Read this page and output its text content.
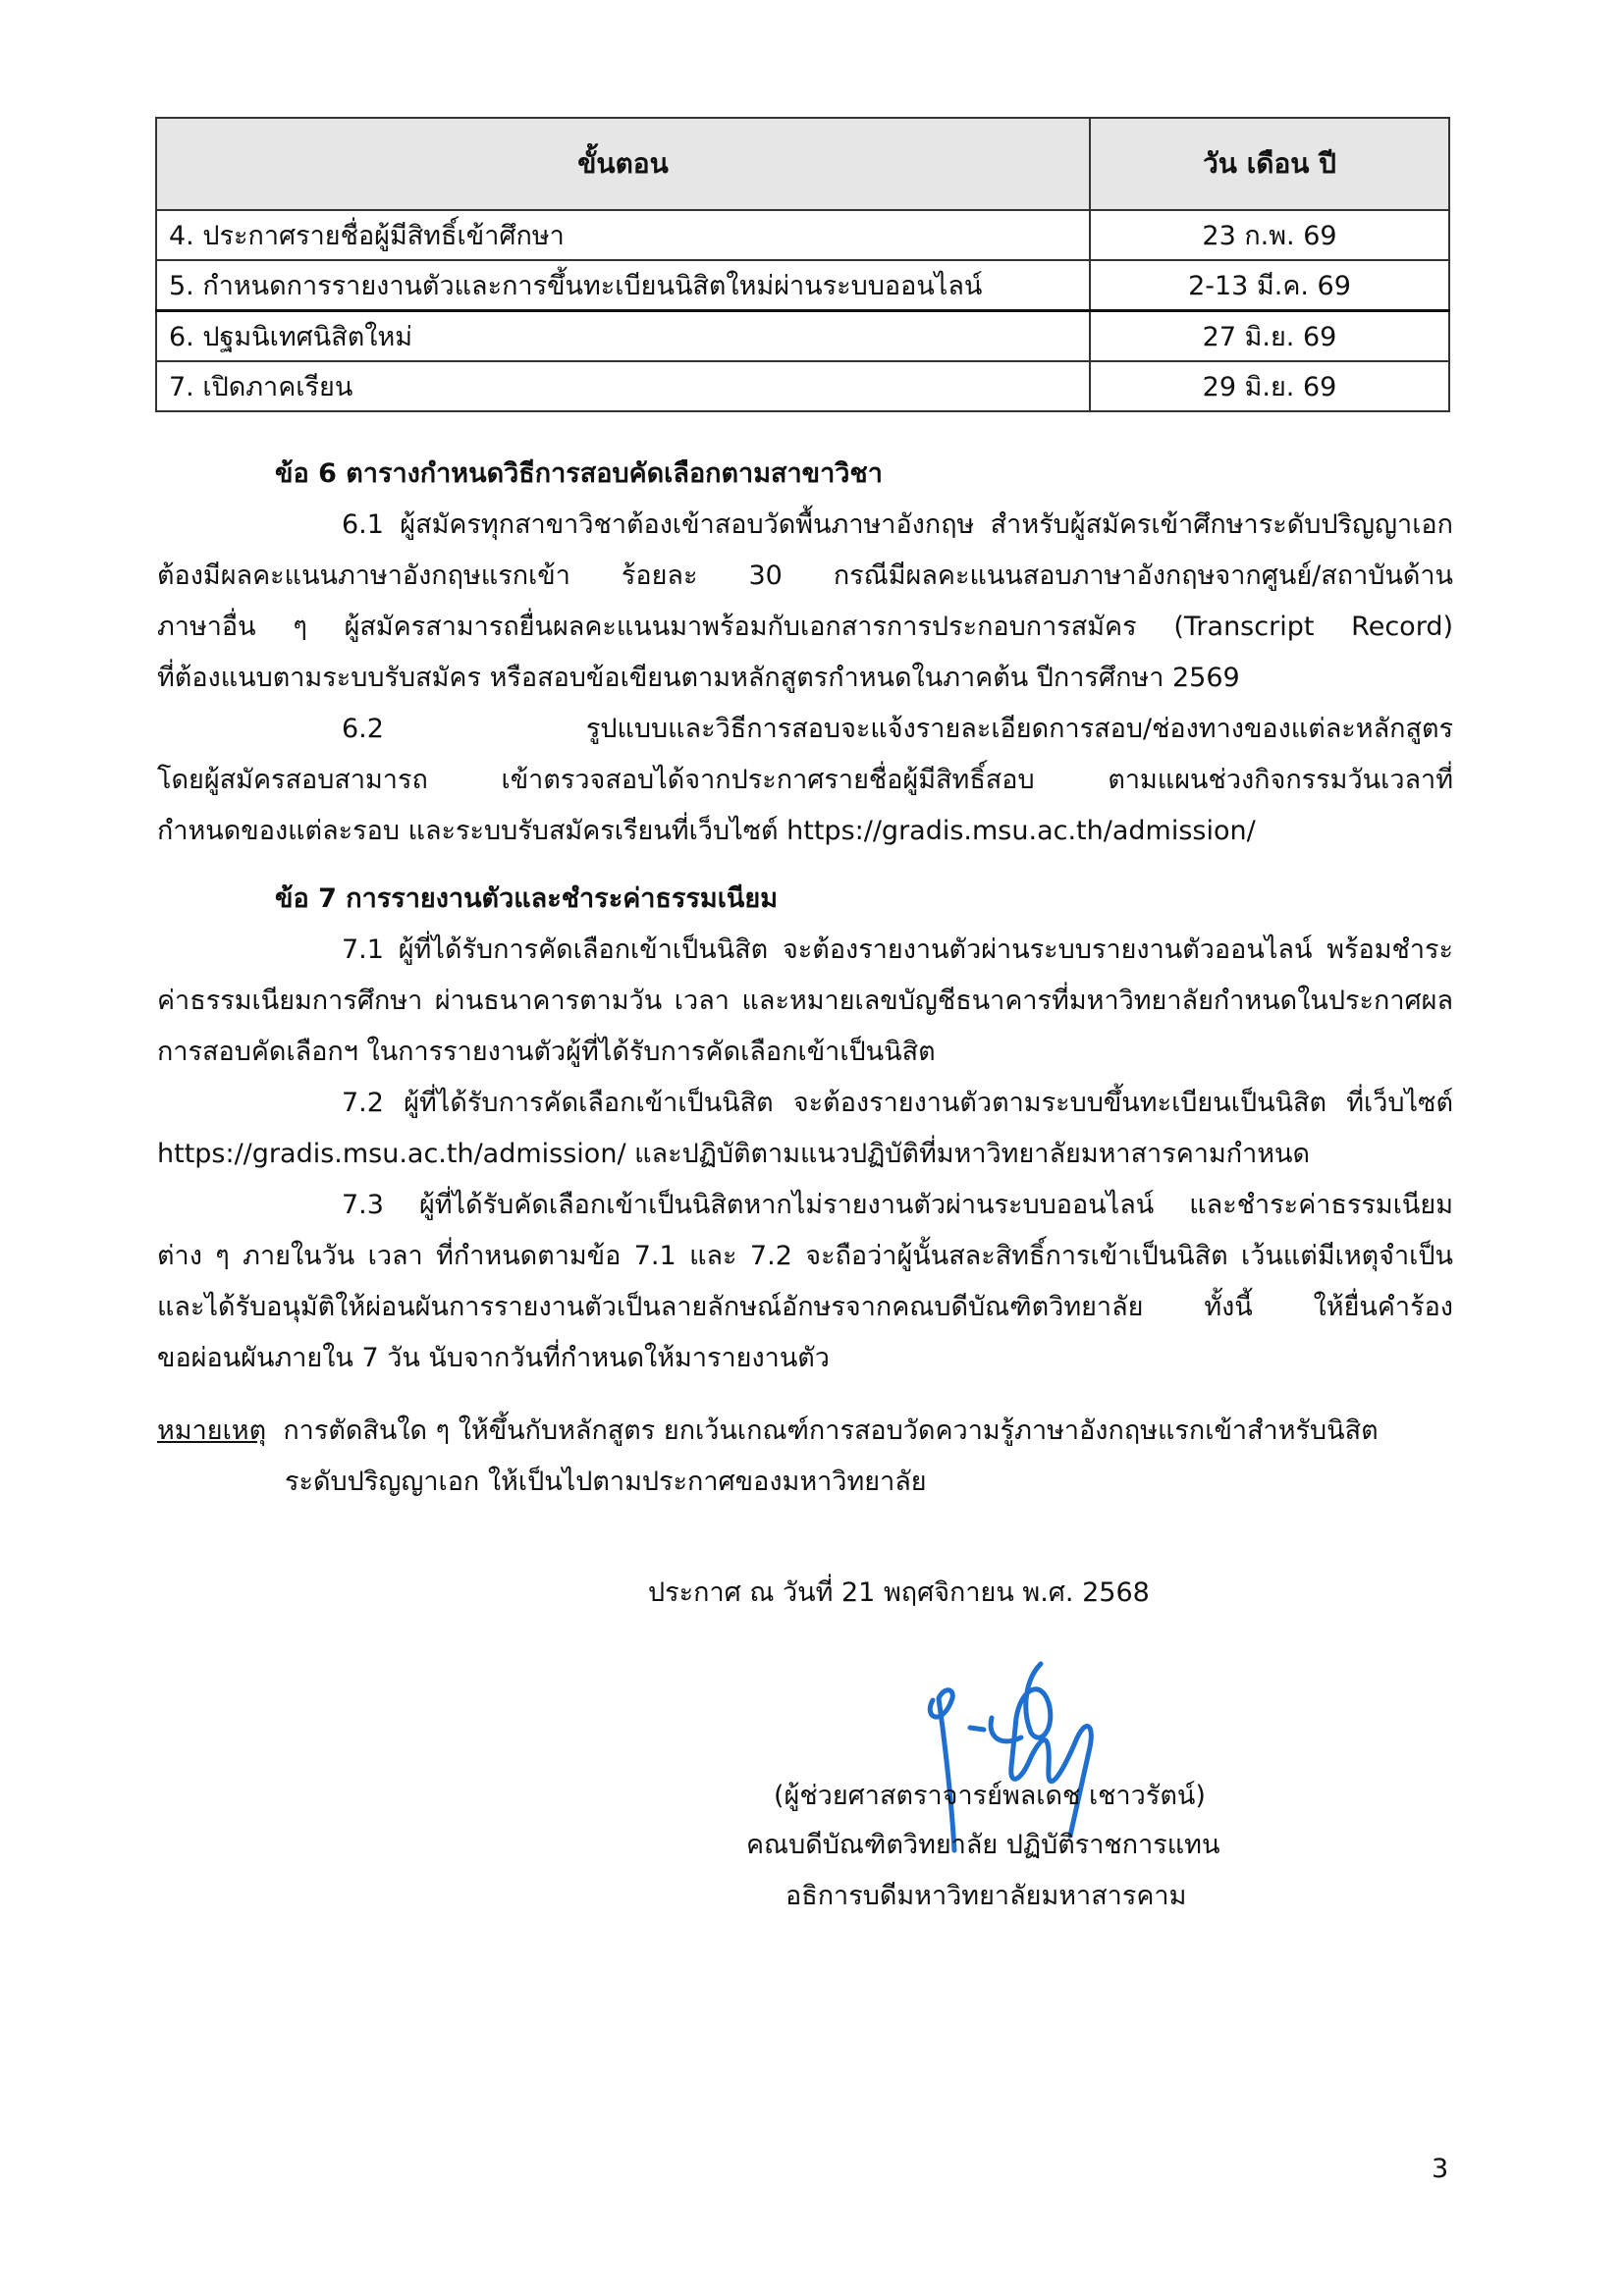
ขั้นตอน	วัน เดือน ปี
4. ประกาศรายชื่อผู้มีสิทธิ์เข้าศึกษา	23 ก.พ. 69
5. กำหนดการรายงานตัวและการขึ้นทะเบียนนิสิตใหม่ผ่านระบบออนไลน์	2-13 มี.ค. 69
6. ปฐมนิเทศนิสิตใหม่	27 มิ.ย. 69
7. เปิดภาคเรียน	29 มิ.ย. 69
ข้อ 6 ตารางกำหนดวิธีการสอบคัดเลือกตามสาขาวิชา
6.1 ผู้สมัครทุกสาขาวิชาต้องเข้าสอบวัดพื้นภาษาอังกฤษ สำหรับผู้สมัครเข้าศึกษาระดับปริญญาเอก
ต้องมีผลคะแนนภาษาอังกฤษแรกเข้า ร้อยละ 30 กรณีมีผลคะแนนสอบภาษาอังกฤษจากศูนย์/สถาบันด้าน
ภาษาอื่น ๆ ผู้สมัครสามารถยื่นผลคะแนนมาพร้อมกับเอกสารการประกอบการสมัคร (Transcript Record)
ที่ต้องแนบตามระบบรับสมัคร หรือสอบข้อเขียนตามหลักสูตรกำหนดในภาคต้น ปีการศึกษา 2569
6.2 รูปแบบและวิธีการสอบจะแจ้งรายละเอียดการสอบ/ช่องทางของแต่ละหลักสูตร
โดยผู้สมัครสอบสามารถ เข้าตรวจสอบได้จากประกาศรายชื่อผู้มีสิทธิ์สอบ ตามแผนช่วงกิจกรรมวันเวลาที่
กำหนดของแต่ละรอบ และระบบรับสมัครเรียนที่เว็บไซต์ https://gradis.msu.ac.th/admission/
ข้อ 7 การรายงานตัวและชำระค่าธรรมเนียม
7.1 ผู้ที่ได้รับการคัดเลือกเข้าเป็นนิสิต จะต้องรายงานตัวผ่านระบบรายงานตัวออนไลน์ พร้อมชำระ
ค่าธรรมเนียมการศึกษา ผ่านธนาคารตามวัน เวลา และหมายเลขบัญชีธนาคารที่มหาวิทยาลัยกำหนดในประกาศผล
การสอบคัดเลือกฯ ในการรายงานตัวผู้ที่ได้รับการคัดเลือกเข้าเป็นนิสิต
7.2 ผู้ที่ได้รับการคัดเลือกเข้าเป็นนิสิต จะต้องรายงานตัวตามระบบขึ้นทะเบียนเป็นนิสิต ที่เว็บไซต์
https://gradis.msu.ac.th/admission/ และปฏิบัติตามแนวปฏิบัติที่มหาวิทยาลัยมหาสารคามกำหนด
7.3 ผู้ที่ได้รับคัดเลือกเข้าเป็นนิสิตหากไม่รายงานตัวผ่านระบบออนไลน์ และชำระค่าธรรมเนียม
ต่าง ๆ ภายในวัน เวลา ที่กำหนดตามข้อ 7.1 และ 7.2 จะถือว่าผู้นั้นสละสิทธิ์การเข้าเป็นนิสิต เว้นแต่มีเหตุจำเป็น
และได้รับอนุมัติให้ผ่อนผันการรายงานตัวเป็นลายลักษณ์อักษรจากคณบดีบัณฑิตวิทยาลัย ทั้งนี้ ให้ยื่นคำร้อง
ขอผ่อนผันภายใน 7 วัน นับจากวันที่กำหนดให้มารายงานตัว
หมายเหตุ การตัดสินใด ๆ ให้ขึ้นกับหลักสูตร ยกเว้นเกณฑ์การสอบวัดความรู้ภาษาอังกฤษแรกเข้าสำหรับนิสิต
ระดับปริญญาเอก ให้เป็นไปตามประกาศของมหาวิทยาลัย
ประกาศ ณ วันที่ 21 พฤศจิกายน พ.ศ. 2568
(ผู้ช่วยศาสตราจารย์พลเดช เชาวรัตน์)
คณบดีบัณฑิตวิทยาลัย ปฏิบัติราชการแทน
อธิการบดีมหาวิทยาลัยมหาสารคาม
3
